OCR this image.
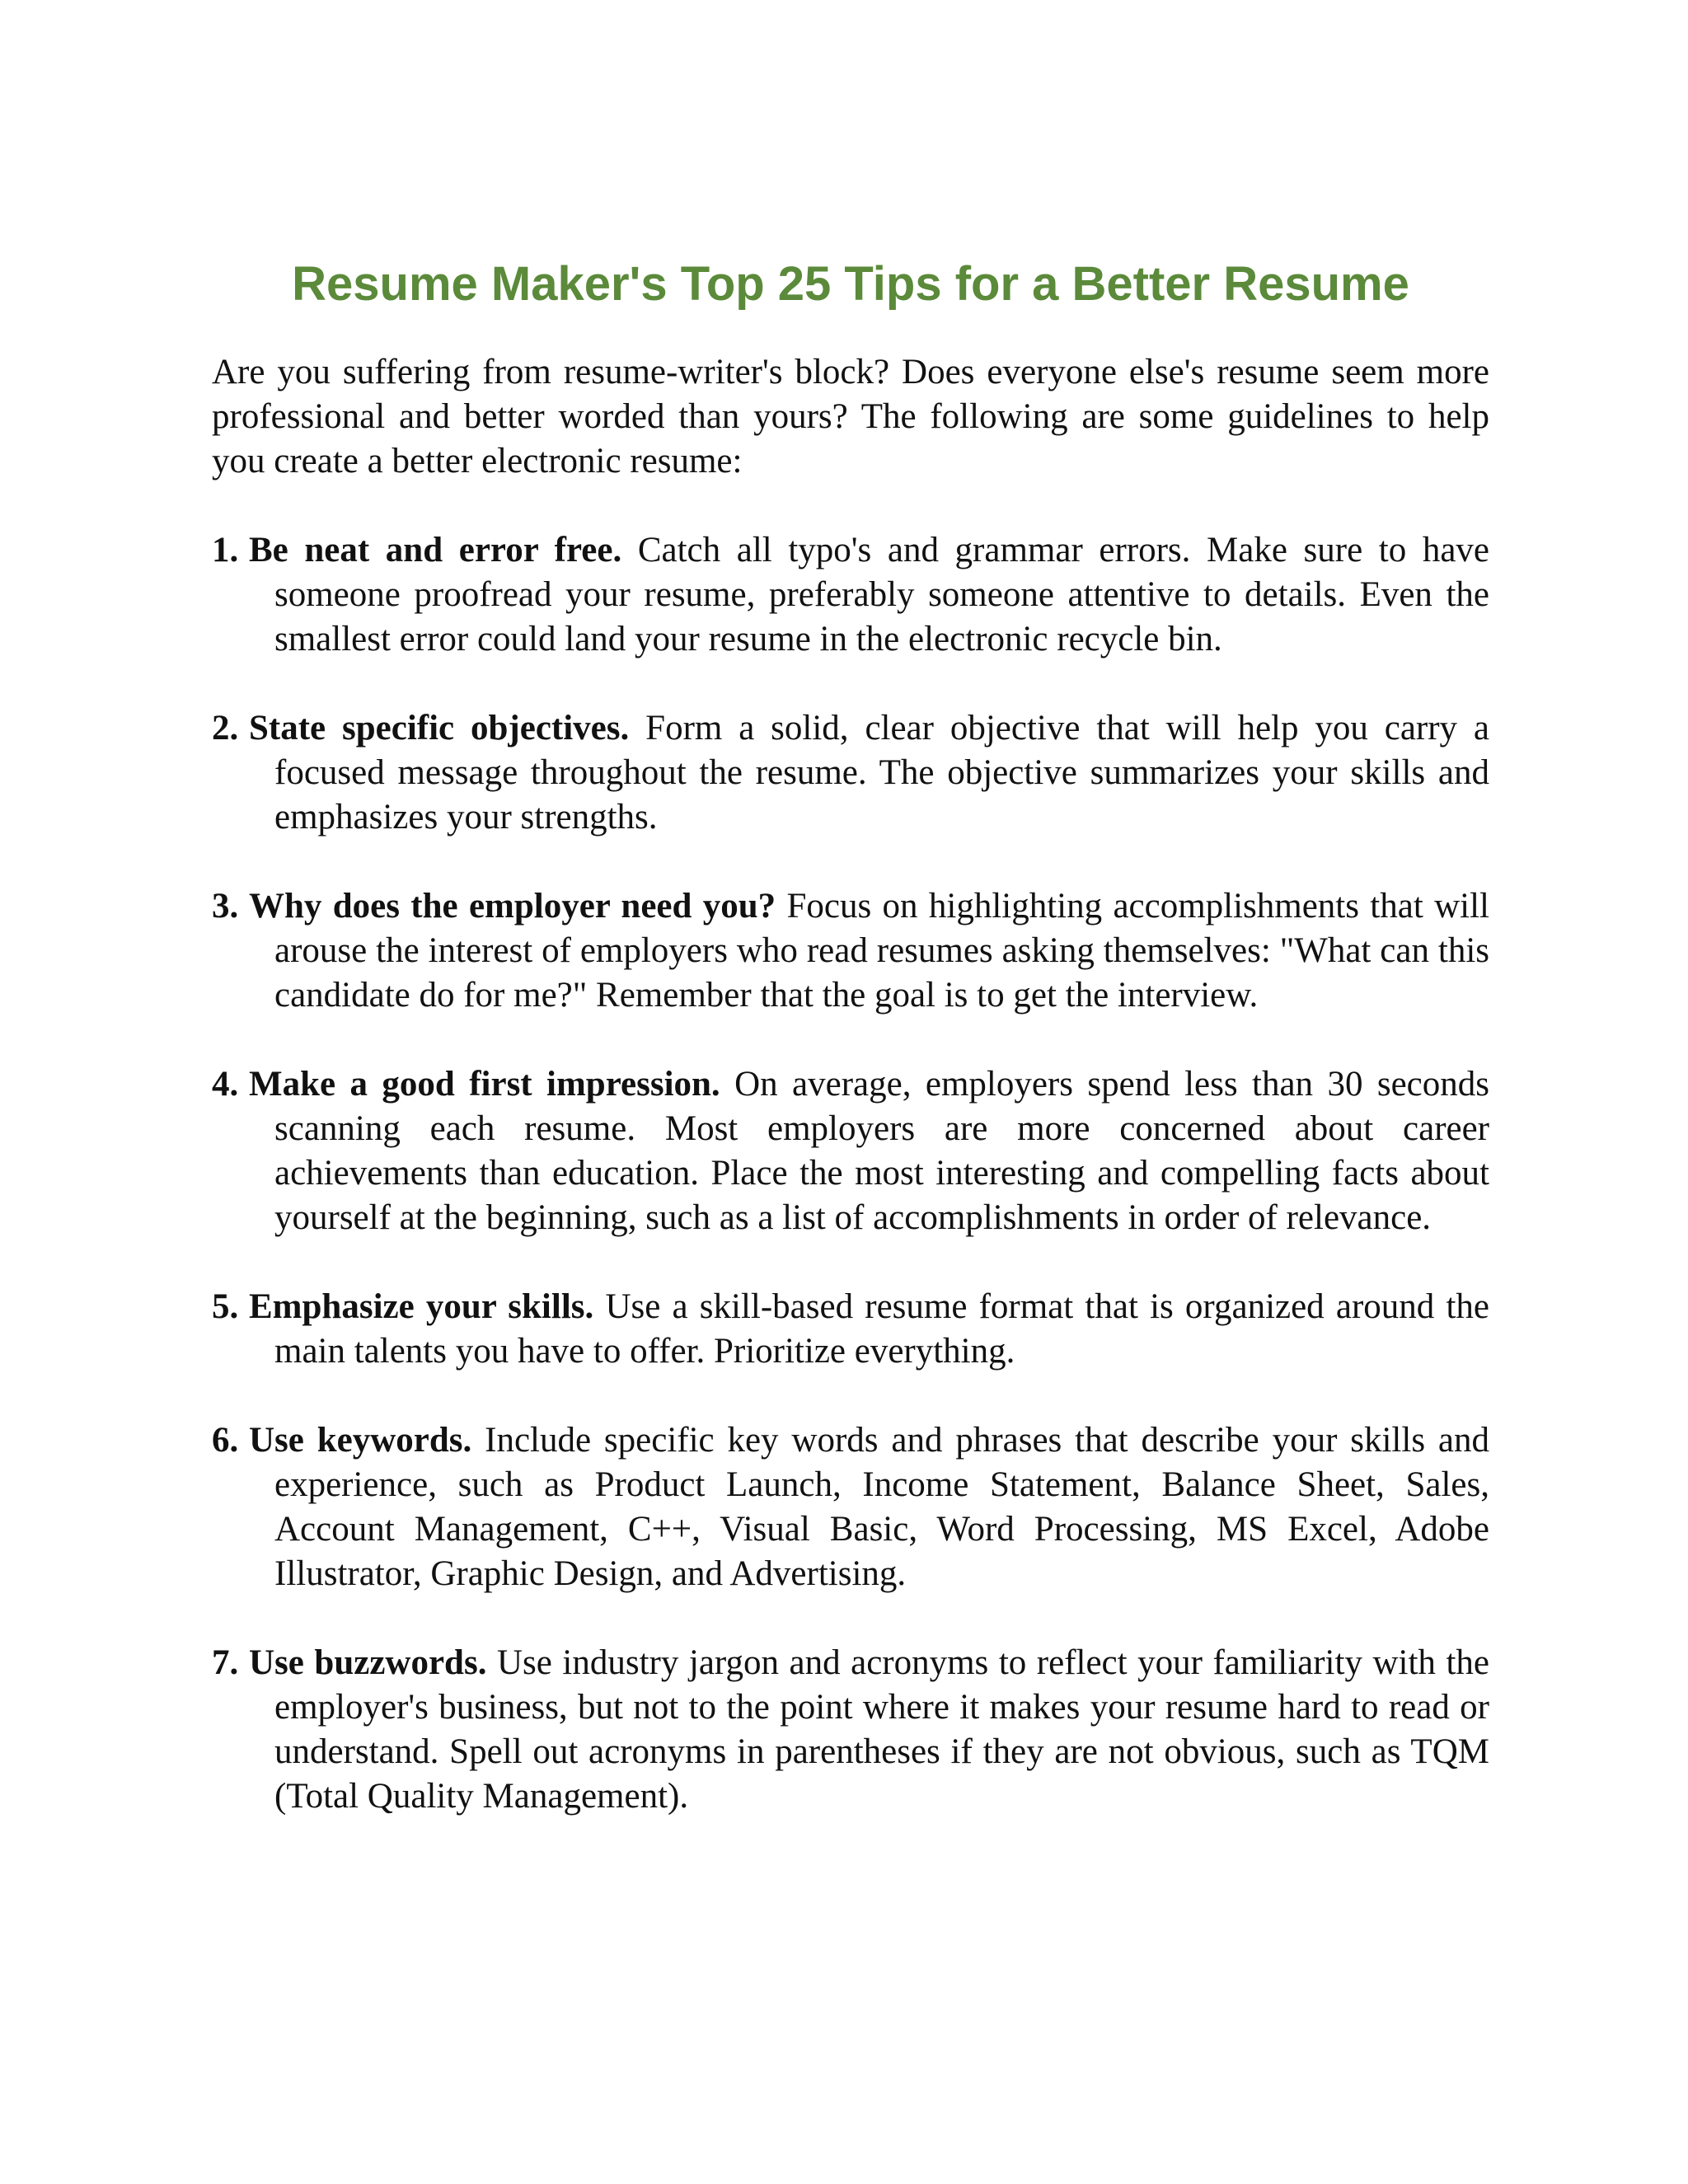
Resume Maker's Top 25 Tips for a Better Resume

Are you suffering from resume-writer's block? Does everyone else's resume seem more professional and better worded than yours? The following are some guidelines to help you create a better electronic resume:

1. Be neat and error free. Catch all typo's and grammar errors. Make sure to have someone proofread your resume, preferably someone attentive to details. Even the smallest error could land your resume in the electronic recycle bin.
2. State specific objectives. Form a solid, clear objective that will help you carry a focused message throughout the resume. The objective summarizes your skills and emphasizes your strengths.
3. Why does the employer need you? Focus on highlighting accomplishments that will arouse the interest of employers who read resumes asking themselves: "What can this candidate do for me?" Remember that the goal is to get the interview.
4. Make a good first impression. On average, employers spend less than 30 seconds scanning each resume. Most employers are more concerned about career achievements than education. Place the most interesting and compelling facts about yourself at the beginning, such as a list of accomplishments in order of relevance.
5. Emphasize your skills. Use a skill-based resume format that is organized around the main talents you have to offer. Prioritize everything.
6. Use keywords. Include specific key words and phrases that describe your skills and experience, such as Product Launch, Income Statement, Balance Sheet, Sales, Account Management, C++, Visual Basic, Word Processing, MS Excel, Adobe Illustrator, Graphic Design, and Advertising.
7. Use buzzwords. Use industry jargon and acronyms to reflect your familiarity with the employer's business, but not to the point where it makes your resume hard to read or understand. Spell out acronyms in parentheses if they are not obvious, such as TQM (Total Quality Management).
